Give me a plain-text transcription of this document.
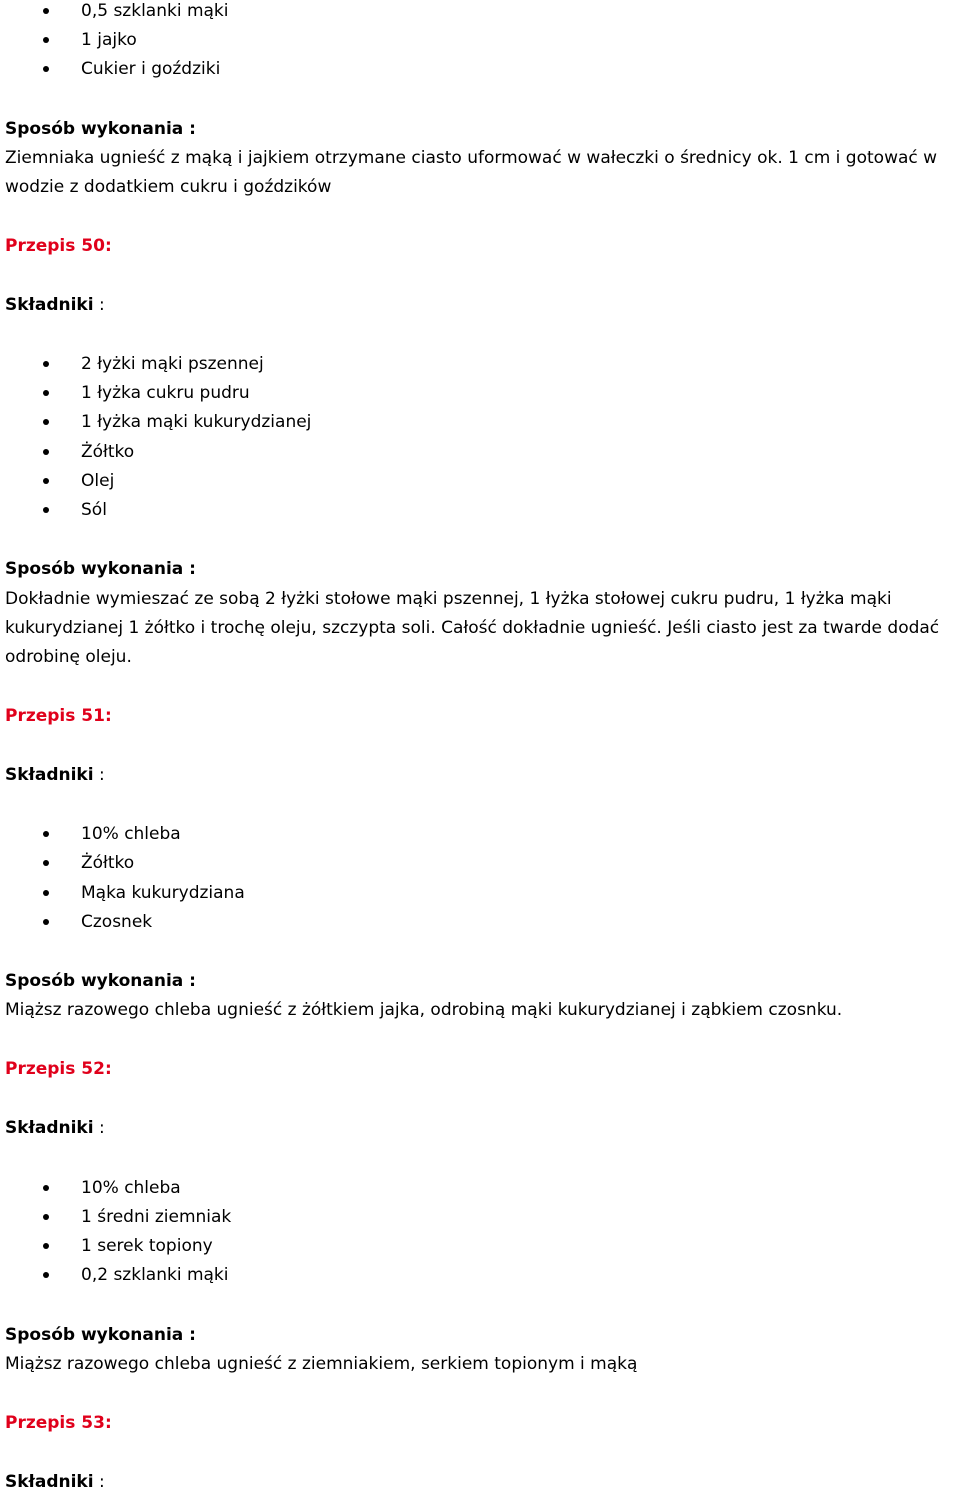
0,5 szklanki mąki
1 jajko
Cukier i goździki
Sposób wykonania :
Ziemniaka ugnieść z mąką i jajkiem otrzymane ciasto uformować w wałeczki o średnicy ok. 1 cm i gotować w
wodzie z dodatkiem cukru i goździków
Przepis 50:
Składniki :
2 łyżki mąki pszennej
1 łyżka cukru pudru
1 łyżka mąki kukurydzianej
Żółtko
Olej
Sól
Sposób wykonania :
Dokładnie wymieszać ze sobą 2 łyżki stołowe mąki pszennej, 1 łyżka stołowej cukru pudru, 1 łyżka mąki
kukurydzianej 1 żółtko i trochę oleju, szczypta soli. Całość dokładnie ugnieść. Jeśli ciasto jest za twarde dodać
odrobinę oleju.
Przepis 51:
Składniki :
10% chleba
Żółtko
Mąka kukurydziana
Czosnek
Sposób wykonania :
Miąższ razowego chleba ugnieść z żółtkiem jajka, odrobiną mąki kukurydzianej i ząbkiem czosnku.
Przepis 52:
Składniki :
10% chleba
1 średni ziemniak
1 serek topiony
0,2 szklanki mąki
Sposób wykonania :
Miąższ razowego chleba ugnieść z ziemniakiem, serkiem topionym i mąką
Przepis 53:
Składniki :
